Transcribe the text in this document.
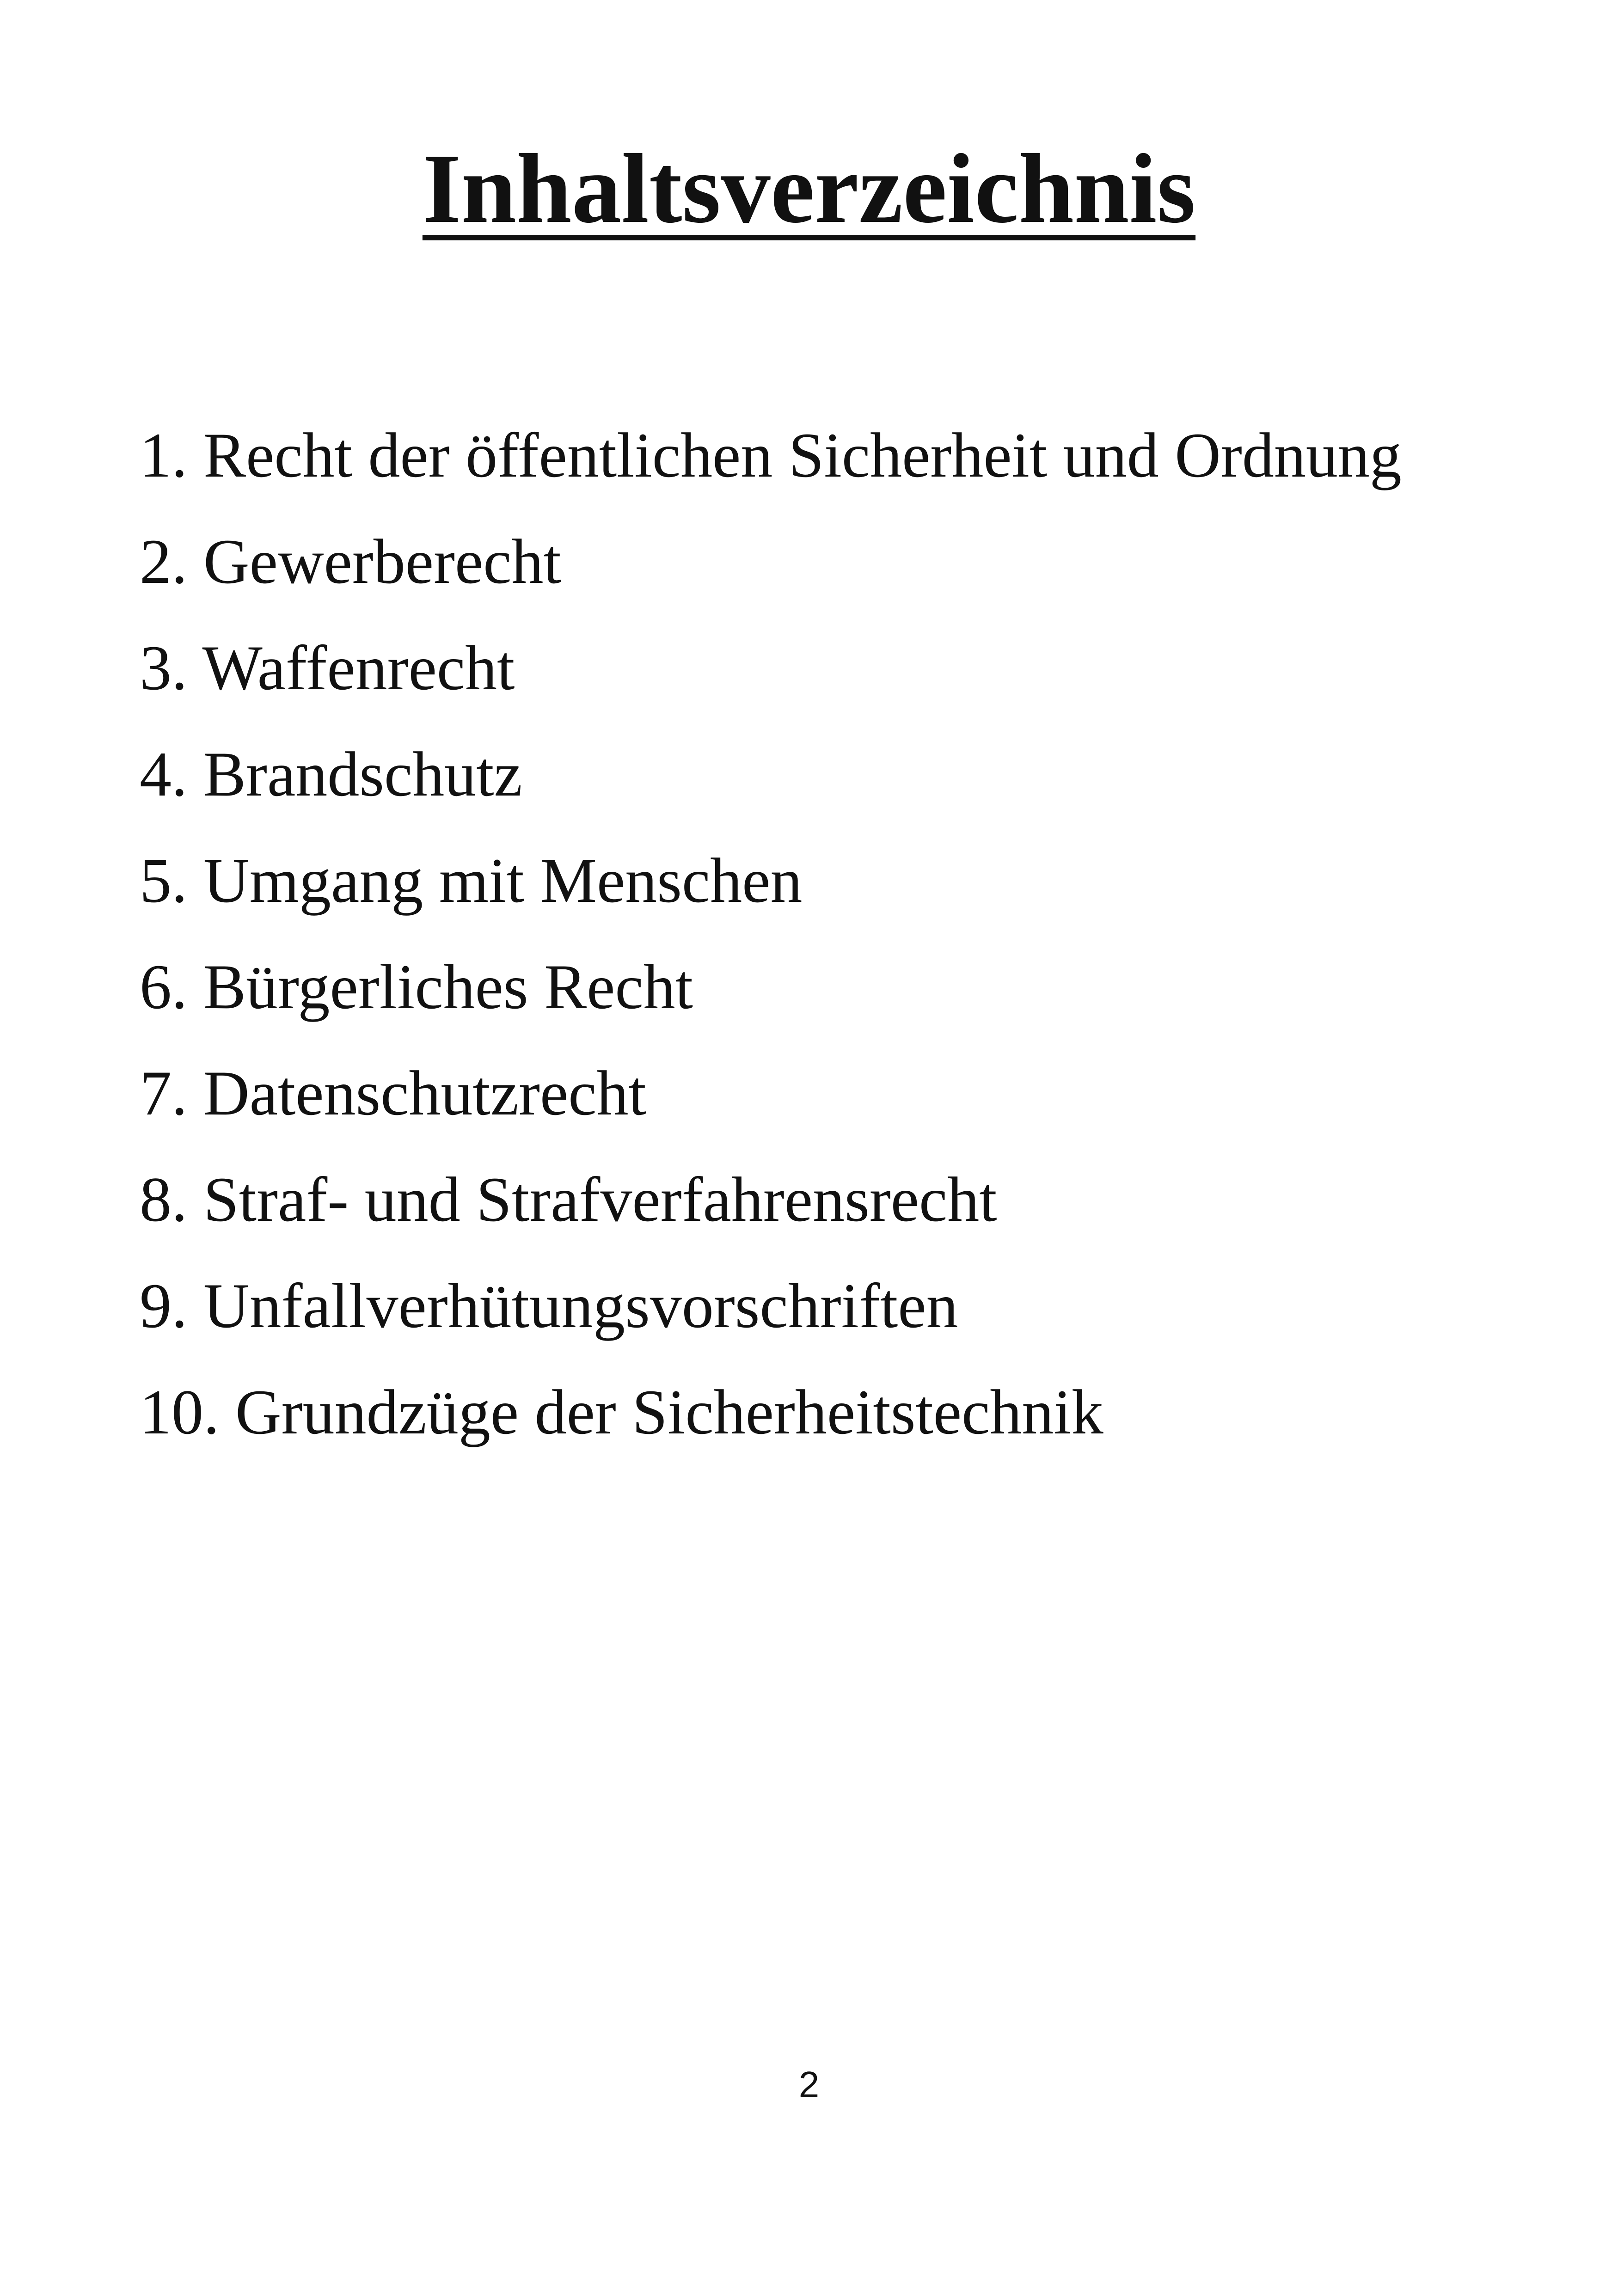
Inhaltsverzeichnis
1. Recht der öffentlichen Sicherheit und Ordnung
2. Gewerberecht
3. Waffenrecht
4. Brandschutz
5. Umgang mit Menschen
6. Bürgerliches Recht
7. Datenschutzrecht
8. Straf- und Strafverfahrensrecht
9. Unfallverhütungsvorschriften
10. Grundzüge der Sicherheitstechnik
2
